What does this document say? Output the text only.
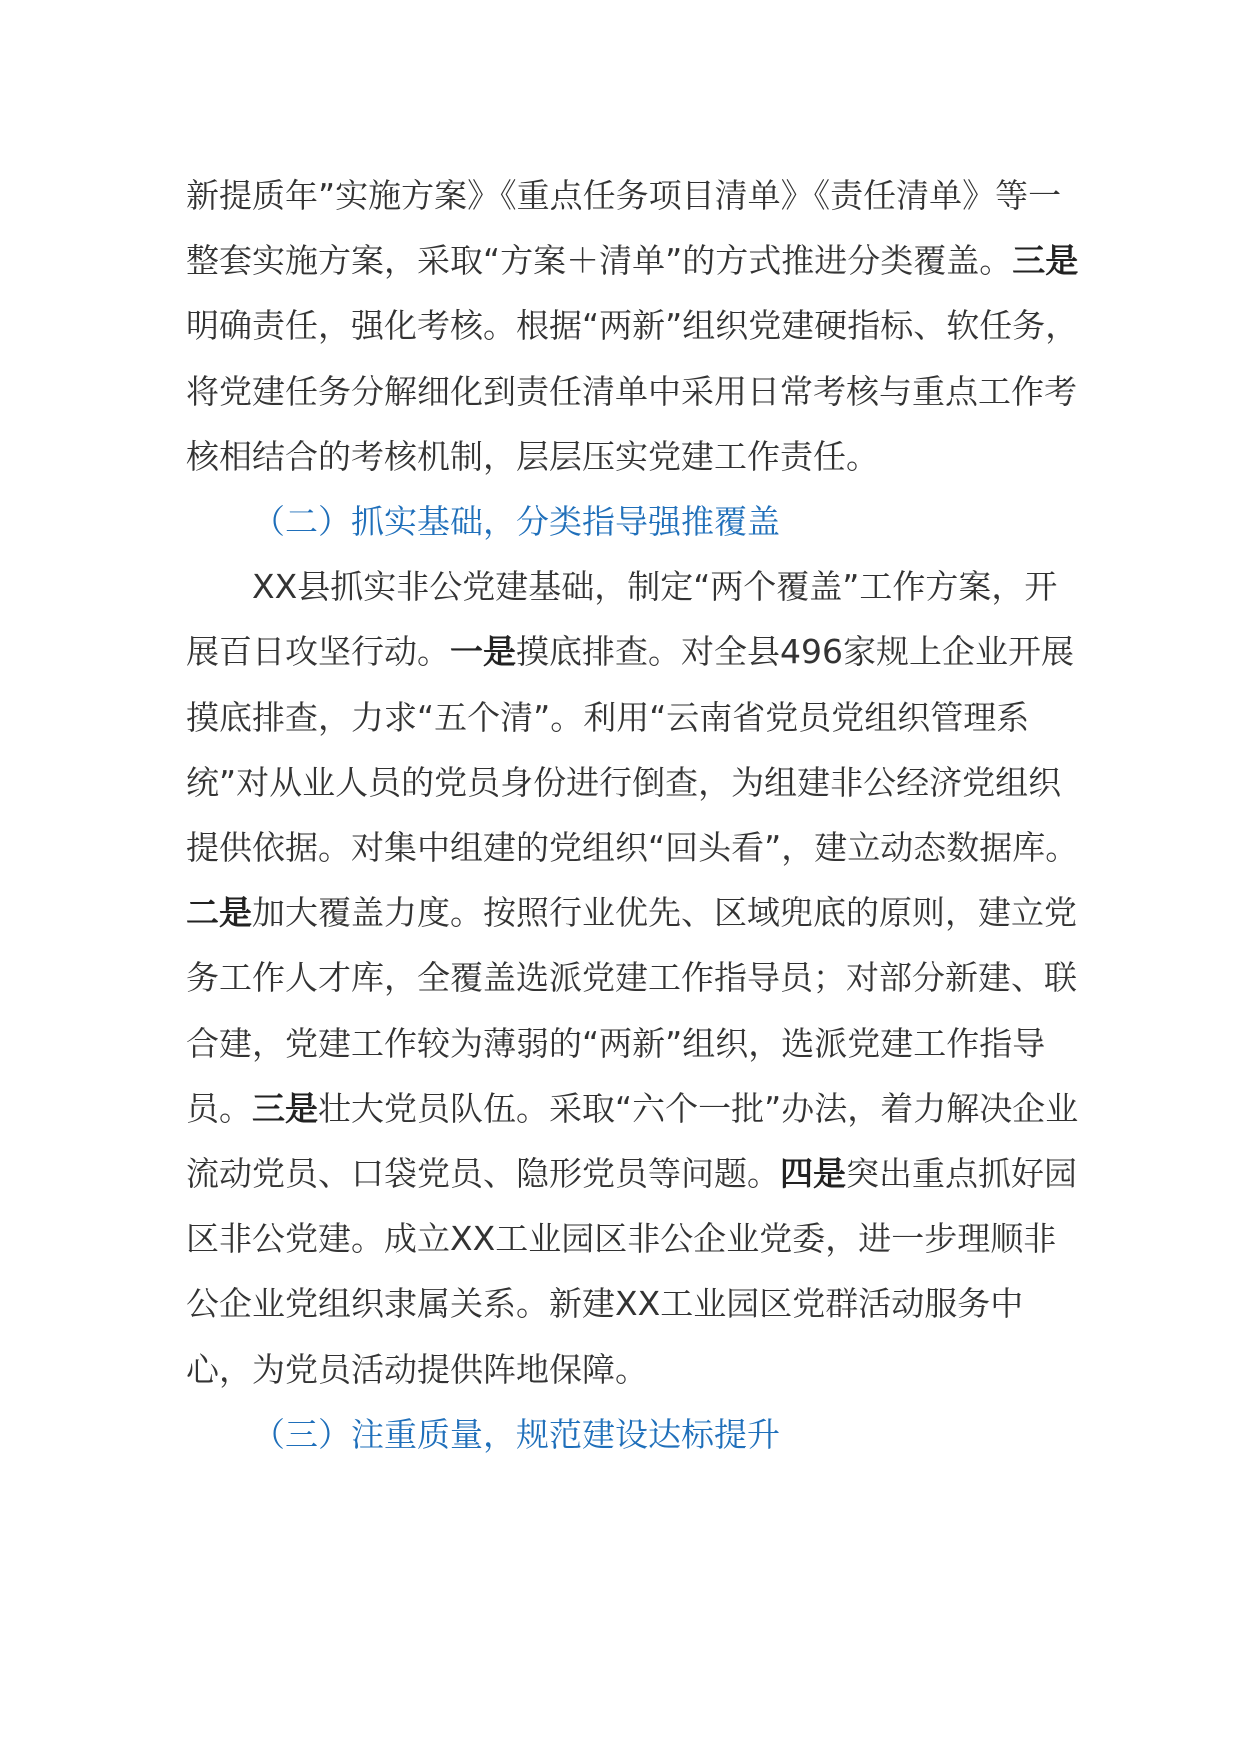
新提质年”实施方案》《重点任务项目清单》《责任清单》等一整套实施方案，采取“方案＋清单”的方式推进分类覆盖。三是明确责任，强化考核。根据“两新”组织党建硬指标、软任务，将党建任务分解细化到责任清单中采用日常考核与重点工作考核相结合的考核机制，层层压实党建工作责任。

（二）抓实基础，分类指导强推覆盖

XX县抓实非公党建基础，制定“两个覆盖”工作方案，开展百日攻坚行动。一是摸底排查。对全县496家规上企业开展摸底排查，力求“五个清”。利用“云南省党员党组织管理系统”对从业人员的党员身份进行倒查，为组建非公经济党组织提供依据。对集中组建的党组织“回头看”，建立动态数据库。二是加大覆盖力度。按照行业优先、区域兜底的原则，建立党务工作人才库，全覆盖选派党建工作指导员；对部分新建、联合建，党建工作较为薄弱的“两新”组织，选派党建工作指导员。三是壮大党员队伍。采取“六个一批”办法，着力解决企业流动党员、口袋党员、隐形党员等问题。四是突出重点抓好园区非公党建。成立XX工业园区非公企业党委，进一步理顺非公企业党组织隶属关系。新建XX工业园区党群活动服务中心，为党员活动提供阵地保障。

（三）注重质量，规范建设达标提升
